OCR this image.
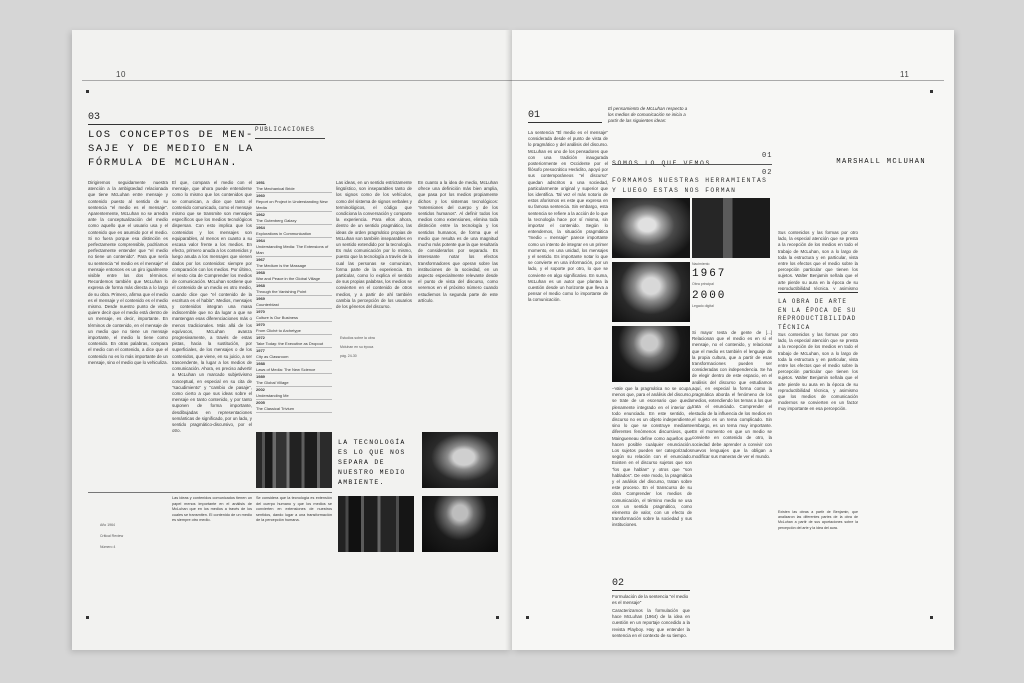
10
03
LOS CONCEPTOS DE MEN-SAJE Y DE MEDIO EN LA FÓRMULA DE MCLUHAN.
PUBLICACIONES
Dirigiremos seguidamente nuestra atención a la ambigüedad relacionada que tiene McLuhan entre mensaje y contenido puesto al sentido de su sentencia "el medio es el mensaje". Aparentemente, McLuhan no se arredra ante la conceptualización del medio como aquello que el usuario usa y el contenido que es asumido por el medio. Si no fuera porque esa distinción es perfectamente comprensible, podríamos perfectamente entender que "el medio no tiene un contenido". Para que sería su sentencia "el medio es el mensaje" el mensaje entonces es un giro igualmente visible entre los dos términos. Recordemos también que McLuhan lo expresa de forma más directa a lo largo de su obra. Primero, afirma que el medio es el mensaje y el contenido es el medio mismo. Desde nuestro punto de vista, quiere decir que el medio está dentro de un mensaje, es decir, importante. En términos de contenido, en el mensaje de un medio que no tiene un mensaje importante, el medio lo tiene como contenido. En otras palabras, compara el medio con el contenido, a dice que el contenido no es lo más importante de un mensaje, sino el medio que lo vehiculiza.
El que, compara el medio con el mensaje, que ahora puede entenderse como lo mismo que los contenidos que se comunican, a dice que tanto el contenido comunicado, como el mensaje mismo que se transmite son mensajes específicos que los medios tecnológicos dispersan. Con esto implica que los contenidos y los mensajes son equiparables, al menos en cuanto a su escasa valor frente a los medios. En efecto, primero anuda a los contenidos y luego anuda a los mensajes que vienen dados por los contenidos: siempre por comparación con los medios. Por último, el sexto cita de Comprender los medios de comunicación. McLuhan sostiene que el contenido de un medio es otro medio, cuando dice que "el contenido de la escritura es el habla". Medios, mensajes y contenidos integran una masa indiscernible que no da lugar a que se mantengan esas diferenciaciones más o menos tradicionales. Más allá de los equívocos, McLuhan avanza progresivamente, a través de estas pistas, hacia la sustitución, por superficiales, de los mensajes o de los contenidos, que viene, en su juicio, a ser trascendente, la lugar a los medios de comunicación. Ahora, es preciso advertir a McLuhan un marcado subjetivismo conceptual, en especial en su cita de "sacudimiento" y "cambio de pasaje", como cierto a que sus ideas sobre el mensaje en tanto contenido, y por tanto suponen de forma importante, desdibujadas en representaciones semánticas de significado, por un lado, y sentido pragmático-discursivo, por el otro.
1951
The Mechanical Bride
1960
Report on Project in Understanding New Media
1962
The Gutenberg Galaxy
1964
Explorations in Communication
1964
Understanding Media: The Extensions of Man
1967
The Medium is the Massage
1968
War and Peace in the Global Village
1968
Through the Vanishing Point
1969
Counterblast
1970
Culture is Our Business
1970
From Cliché to Archetype
1972
Take Today: the Executive as Dropout
1977
City as Classroom
1988
Laws of Media: The New Science
1989
The Global Village
2002
Understanding Me
2005
The Classical Trivium
Las ideas, en un sentido estrictamente lingüístico, son inseparables tanto de los signos como de los vehículos, como del sistema de signos verbales y terminológicos, el código que condiciona la conversación y comparte la experiencia. Para ellos ahora, dentro de un sentido pragmático, las ideas de orden pragmático propias de McLuhan son también inseparables en un sentido extendido por la tecnología. Es más comunicación por lo mismo, puesto que la tecnología a través de la cual las personas se comunican, forma parte de la experiencia. En particular, como lo explica el sentido de sus propias palabras, los medios se convierten en el contenido de otros medios, y a partir de ahí también cambia la percepción de los usuarios de los géneros del discurso.
En cuanto a la idea de medio, McLuhan ofrece una definición más bien amplia, que pasa por los medios propiamente dichos y los sistemas tecnológicos: "extensiones del cuerpo y de los sentidos humanos". Al definir todos los medios como extensiones, elimina toda distinción entre la tecnología y los sentidos humanos, de forma que el medio que resulta es de una magnitud mucho más potente que la que resultaría de considerarlos por separado. Es interesante notar los efectos transformadores que operan sobre las instituciones de la sociedad, en un aspecto especialmente relevante desde el punto de vista del discurso, como veremos en el próximo número cuando estudiemos la segunda parte de este artículo.
Estudios sobre la obra
Mcluhan en su época
pág. 24-30
LA TECNOLOGÍA ES LO QUE NOS SEPARA DE NUESTRO MEDIO AMBIENTE.
Año 1964
Critical Review
Número 4
Las ideas y contenidos comunicados tienen un papel menos importante en el análisis de McLuhan que en los medios a través de los cuales se transmiten. El contenido de un medio es siempre otro medio.
Se considera que la tecnología es extensión del cuerpo humano y que los medios se convierten en extensiones de nuestros sentidos, dando lugar a una transformación de la percepción humana.
11
01
El pensamiento de McLuhan respecto a los medios de comunicación se inicia a partir de las siguientes ideas:
La sentencia "El medio es el mensaje" considerada desde el punto de vista de lo pragmático y del análisis del discurso. McLuhan es uno de los pensadores que con una tradición inaugurada posteriormente en Occidente por el filósofo presocrático Heráclito, apoyó por sus contemporáneos "el discurso" quedan adscritos a una sociedad, particularmente original y superior que los identifica. Tal vez el más notorio de estos aforismos es este que expresa en su famosa sentencia. Sin embargo, esta sentencia se refiere a la acción de lo que la tecnología hace por sí misma, sin importar el contenido. Según lo entendemos, la situación pragmática "medio = mensaje" parece importante como un intento de integrar en un primer momento, en una unidad, los mensajes y el sentido. Es importante notar lo que se convierte en una información, por un lado, y el soporte por otro, lo que se convierte en algo significativo. En suma, McLuhan es un autor que plantea la cuestión desde un horizonte que lleva a pensar el medio como lo importante de la comunicación.
01
02
FORMAMOS NUESTRAS HERRAMIENTAS Y LUEGO ESTAS NOS FORMAN
MARSHALL MCLUHAN
Nacimiento
1967
Obra principal
2000
Legado digital
–Vale que la pragmática no se ocupa, menos que, para el análisis del discurso, se trate de un escenario que queda plenamente integrado en el interior de todo enunciado. En este sentido, el discurso no es un objeto independiente, sino lo que se construye mediante diferentes fenómenos discursivos, que Maingueneau define como aquellos que hacen posible cualquier enunciación. Los sujetos pueden ser categorizados según su relación con el enunciado. Existen en el discurso sujetos que son "los que hablan" y otros que "son hablados". De este modo, la pragmática y el análisis del discurso, tratan sobre este proceso. En el transcurso de su obra Comprender los medios de comunicación, el término medio se usa con un sentido pragmático, como elemento de valor, con un efecto de transformación sobre la sociedad y sus instituciones.
Si mayor testa de gente de [...] Relacionan que el medio es en sí el mensaje, no el contenido, y relacionar que el medio es también el lenguaje de la propia cultura, que a partir de esas transformaciones pueden ser consideradas con independencia. Se ha de elegir dentro de este espacio, en el análisis del discurso que estudiamos aquí, en especial la forma como la pragmática aborda el fenómeno de los medios, extendiendo los temas a los que trata el enunciado. Comprender el estudio de la influencia de los medios en el sujeto es un tema complicado. Sin embargo, es un tema muy importante. En el momento en que un medio se convierte en contenido de otro, la sociedad debe aprender a convivir con nuevos lenguajes que la obligan a modificar sus maneras de ver el mundo.
Sus contenidos y las formas por otro lado, la especial atención que se presta a la recepción de los medios en todo el trabajo de McLuhan, son a lo largo de toda la estructura y en particular, vista entre los efectos que el medio sobre la percepción particular que tienen los sujetos. Walter Benjamin señala que el arte pierde su aura en la época de su reproductibilidad técnica, y asimismo
LA OBRA DE ARTE EN LA ÉPOCA DE SU REPRODUCTIBILIDAD TÉCNICA
Sus contenidos y las formas por otro lado, la especial atención que se presta a la recepción de los medios en todo el trabajo de McLuhan, son a lo largo de toda la estructura y en particular, vista entre los efectos que el medio sobre la percepción particular que tienen los sujetos. Walter Benjamin señala que el arte pierde su aura en la época de su reproductibilidad técnica, y asimismo que los medios de comunicación modernos se convierten en un factor muy importante en esa percepción.
Existen las obras a partir de Benjamin, que analizaron las diferentes partes de la obra de McLuhan a partir de sus aportaciones sobre la percepción del arte y la idea del aura.
02
Formulación de la sentencia "el medio es el mensaje"
Caracterizamos la formulación que hace McLuhan (1964) de la idea en cuestión en un reportaje concedido a la revista Playboy. Hay que entender la sentencia en el contexto de su tiempo.
